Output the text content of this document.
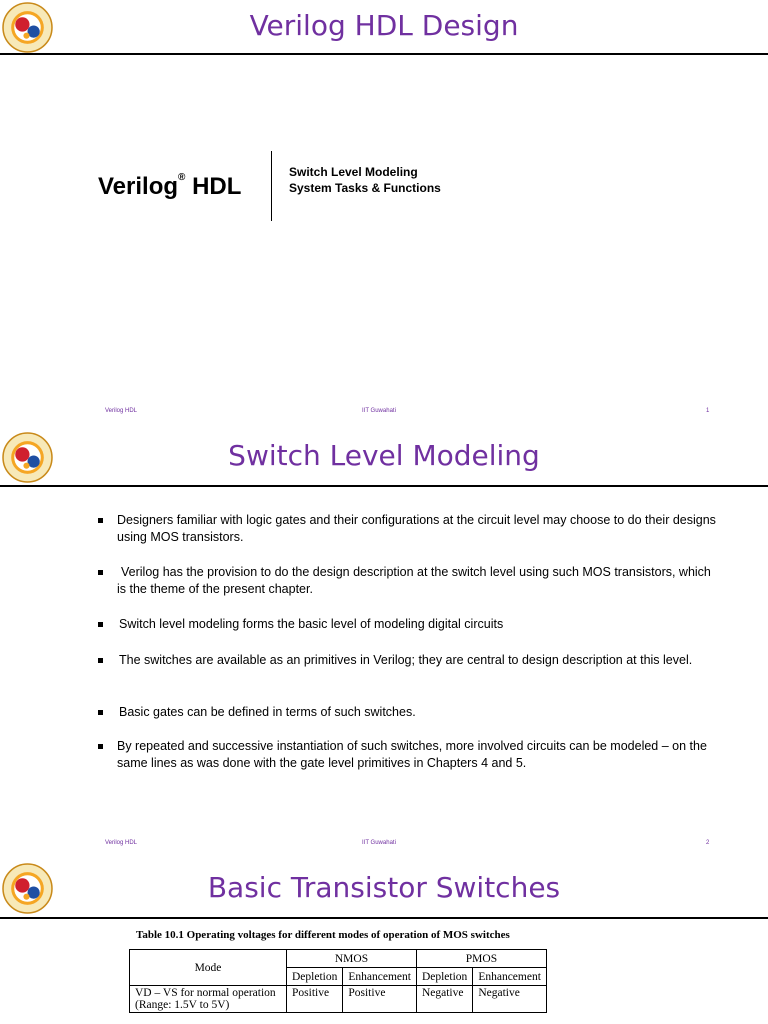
Verilog HDL Design
Verilog® HDL
Switch Level Modeling
System Tasks & Functions
Verilog HDL	IIT Guwahati	1
Switch Level Modeling
Verilog HDL	IIT Guwahati	2
Designers familiar with logic gates and their configurations at the circuit level may choose to do their designs using MOS transistors.
Verilog has the provision to do the design description at the switch level using such MOS transistors, which is the theme of the present chapter.
Switch level modeling forms the basic level of modeling digital circuits
The switches are available as an primitives in Verilog; they are central to design description at this level.
Basic gates can be defined in terms of such switches.
By repeated and successive instantiation of such switches, more involved circuits can be modeled – on the same lines as was done with the gate level primitives in Chapters 4 and 5.
Basic Transistor Switches
Table 10.1 Operating voltages for different modes of operation of MOS switches
Mode	NMOS		PMOS	
	Depletion	Enhancement	Depletion	Enhancement
VD – VS for normal operation (Range: 1.5V to 5V)	Positive	Positive	Negative	Negative
